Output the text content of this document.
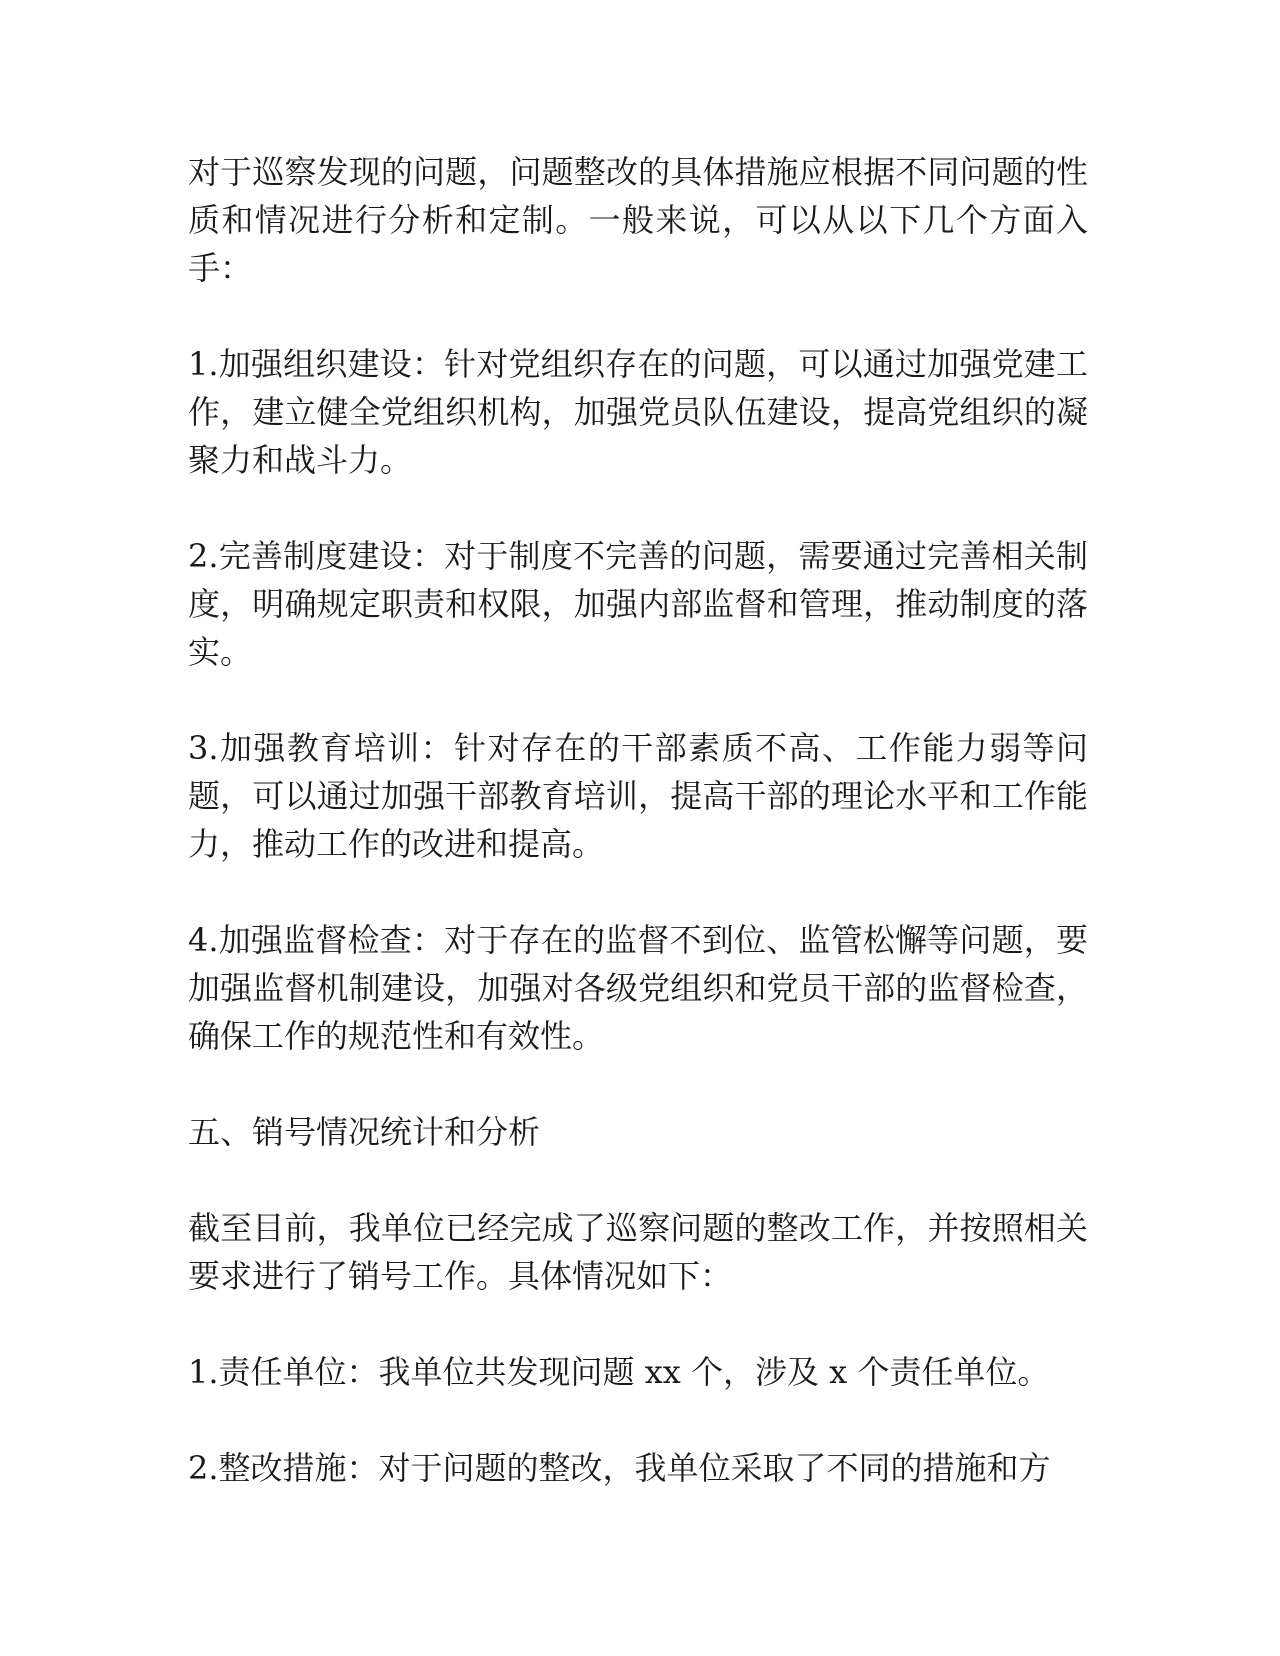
对于巡察发现的问题，问题整改的具体措施应根据不同问题的性质和情况进行分析和定制。一般来说，可以从以下几个方面入手：

1.加强组织建设：针对党组织存在的问题，可以通过加强党建工作，建立健全党组织机构，加强党员队伍建设，提高党组织的凝聚力和战斗力。

2.完善制度建设：对于制度不完善的问题，需要通过完善相关制度，明确规定职责和权限，加强内部监督和管理，推动制度的落实。

3.加强教育培训：针对存在的干部素质不高、工作能力弱等问题，可以通过加强干部教育培训，提高干部的理论水平和工作能力，推动工作的改进和提高。

4.加强监督检查：对于存在的监督不到位、监管松懈等问题，要加强监督机制建设，加强对各级党组织和党员干部的监督检查，确保工作的规范性和有效性。

五、销号情况统计和分析

截至目前，我单位已经完成了巡察问题的整改工作，并按照相关要求进行了销号工作。具体情况如下：

1.责任单位：我单位共发现问题 xx 个，涉及 x 个责任单位。

2.整改措施：对于问题的整改，我单位采取了不同的措施和方
